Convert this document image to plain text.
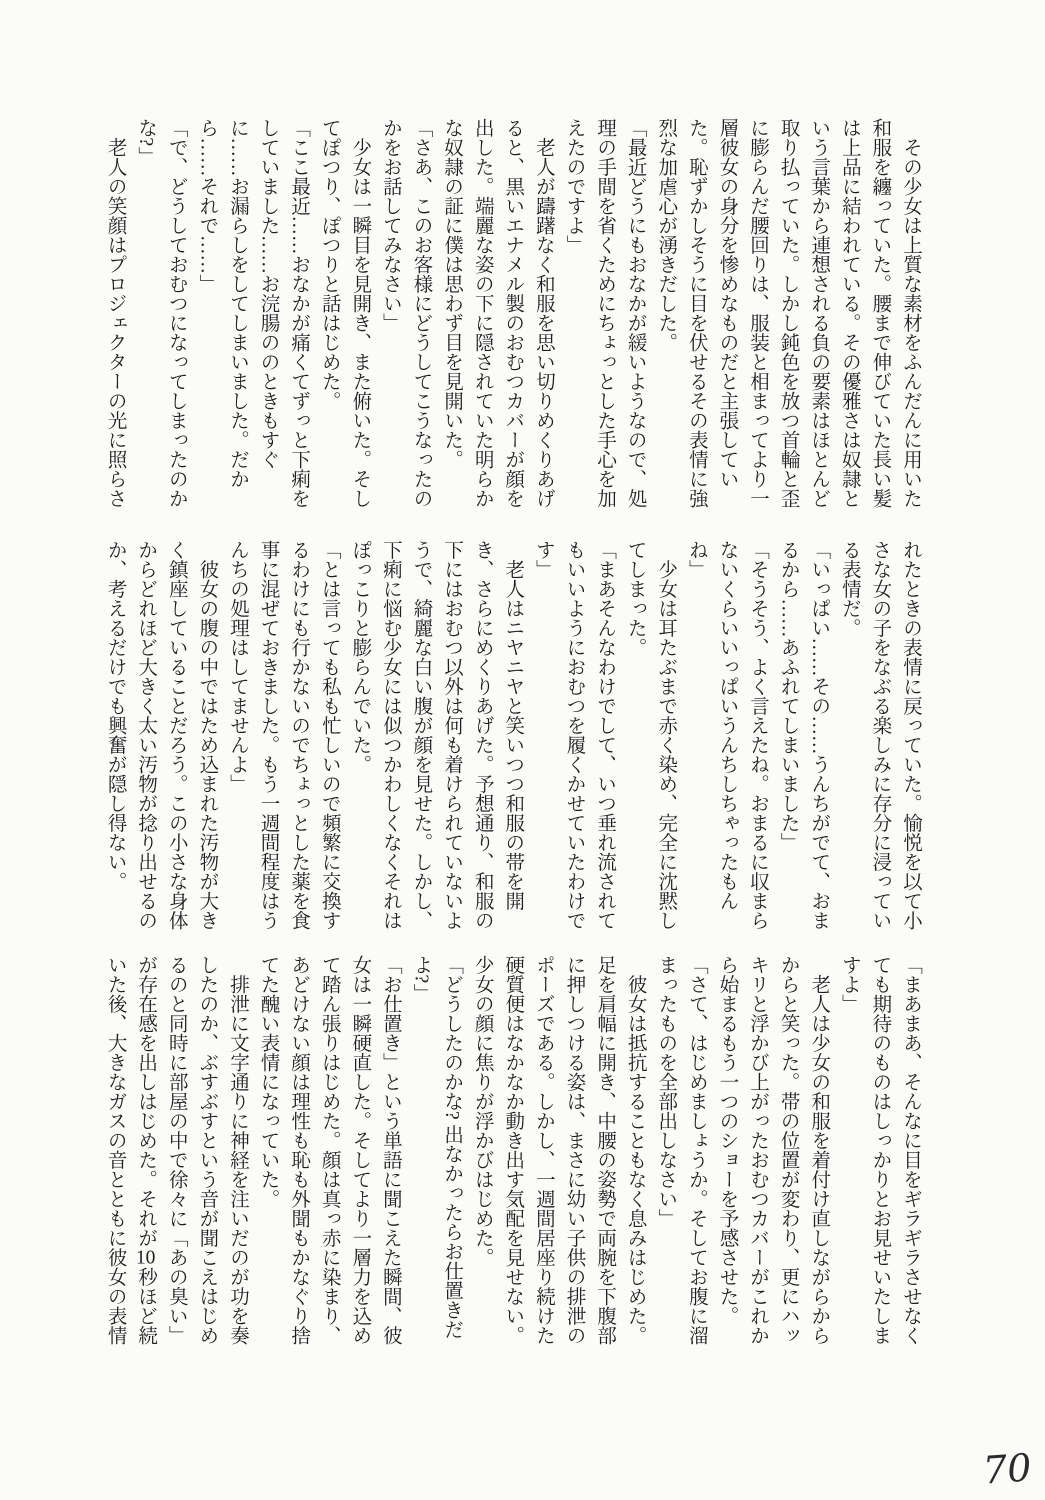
　その少女は上質な素材をふんだんに用いた和服を纏っていた。腰まで伸びていた長い髪は上品に結われている。その優雅さは奴隷という言葉から連想される負の要素はほとんど取り払っていた。しかし鈍色を放つ首輪と歪に膨らんだ腰回りは、服装と相まってより一層彼女の身分を惨めなものだと主張していた。恥ずかしそうに目を伏せるその表情に強烈な加虐心が湧きだした。

「最近どうにもおなかが緩いようなので、処理の手間を省くためにちょっとした手心を加えたのですよ」

　老人が躊躇なく和服を思い切りめくりあげると、黒いエナメル製のおむつカバーが顔を出した。端麗な姿の下に隠されていた明らかな奴隷の証に僕は思わず目を見開いた。

「さあ、このお客様にどうしてこうなったのかをお話してみなさい」

　少女は一瞬目を見開き、また俯いた。そしてぽつり、ぽつりと話はじめた。

「ここ最近……おなかが痛くてずっと下痢をしていました……お浣腸ののときもすぐに……お漏らしをしてしまいました。だから……それで……」

「で、どうしておむつになってしまったのかな?」

　老人の笑顔はプロジェクターの光に照らさ

れたときの表情に戻っていた。愉悦を以て小さな女の子をなぶる楽しみに存分に浸っている表情だ。

「いっぱい……その……うんちがでて、おまるから……あふれてしまいました」

「そうそう、よく言えたね。おまるに収まらないくらいいっぱいうんちしちゃったもんね」

　少女は耳たぶまで赤く染め、完全に沈黙してしまった。

「まあそんなわけでして、いつ垂れ流されてもいいようにおむつを履くかせていたわけです」

　老人はニヤニヤと笑いつつ和服の帯を開き、さらにめくりあげた。予想通り、和服の下にはおむつ以外は何も着けられていないようで、綺麗な白い腹が顔を見せた。しかし、下痢に悩む少女には似つかわしくなくそれはぽっこりと膨らんでいた。

「とは言っても私も忙しいので頻繁に交換するわけにも行かないのでちょっとした薬を食事に混ぜておきました。もう一週間程度はうんちの処理はしてませんよ」

　彼女の腹の中ではため込まれた汚物が大きく鎮座していることだろう。この小さな身体からどれほど大きく太い汚物が捻り出せるのか、考えるだけでも興奮が隠し得ない。

「まあまあ、そんなに目をギラギラさせなくても期待のものはしっかりとお見せいたしますよ」

　老人は少女の和服を着付け直しながらからからと笑った。帯の位置が変わり、更にハッキリと浮かび上がったおむつカバーがこれから始まるもう一つのショーを予感させた。

「さて、はじめましょうか。そしてお腹に溜まったものを全部出しなさい」

　彼女は抵抗することもなく息みはじめた。足を肩幅に開き、中腰の姿勢で両腕を下腹部に押しつける姿は、まさに幼い子供の排泄のポーズである。しかし、一週間居座り続けた硬質便はなかなか動き出す気配を見せない。少女の顔に焦りが浮かびはじめた。

「どうしたのかな? 出なかったらお仕置きだよ?」

「お仕置き」という単語に聞こえた瞬間、彼女は一瞬硬直した。そしてより一層力を込めて踏ん張りはじめた。顔は真っ赤に染まり、あどけない顔は理性も恥も外聞もかなぐり捨てた醜い表情になっていた。

　排泄に文字通りに神経を注いだのが功を奏したのか、ぶすぶすという音が聞こえはじめるのと同時に部屋の中で徐々に「あの臭い」が存在感を出しはじめた。それが10秒ほど続いた後、大きなガスの音とともに彼女の表情

70
